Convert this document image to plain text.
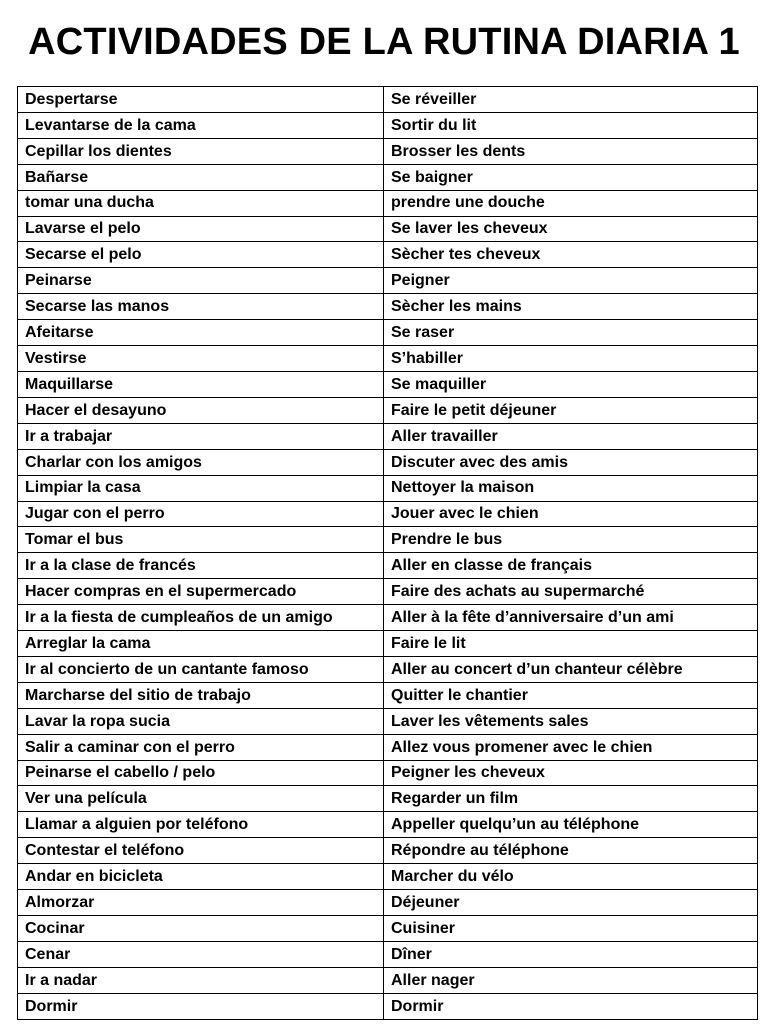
ACTIVIDADES DE LA RUTINA DIARIA 1
Despertarse	Se réveiller
Levantarse de la cama	Sortir du lit
Cepillar los dientes	Brosser les dents
Bañarse	Se baigner
tomar una ducha	prendre une douche
Lavarse el pelo	Se laver les cheveux
Secarse el pelo	Sècher tes cheveux
Peinarse	Peigner
Secarse las manos	Sècher les mains
Afeitarse	Se raser
Vestirse	S’habiller
Maquillarse	Se maquiller
Hacer el desayuno	Faire le petit déjeuner
Ir a trabajar	Aller travailler
Charlar con los amigos	Discuter avec des amis
Limpiar la casa	Nettoyer la maison
Jugar con el perro	Jouer avec le chien
Tomar el bus	Prendre le bus
Ir a la clase de francés	Aller en classe de français
Hacer compras en el supermercado	Faire des achats au supermarché
Ir a la fiesta de cumpleaños de un amigo	Aller à la fête d’anniversaire d’un ami
Arreglar la cama	Faire le lit
Ir al concierto de un cantante famoso	Aller au concert d’un chanteur célèbre
Marcharse del sitio de trabajo	Quitter le chantier
Lavar la ropa sucia	Laver les vêtements sales
Salir a caminar con el perro	Allez vous promener avec le chien
Peinarse el cabello / pelo	Peigner les cheveux
Ver una película	Regarder un film
Llamar a alguien por teléfono	Appeller quelqu’un au téléphone
Contestar el teléfono	Répondre au téléphone
Andar en bicicleta	Marcher du vélo
Almorzar	Déjeuner
Cocinar	Cuisiner
Cenar	Dîner
Ir a nadar	Aller nager
Dormir	Dormir
